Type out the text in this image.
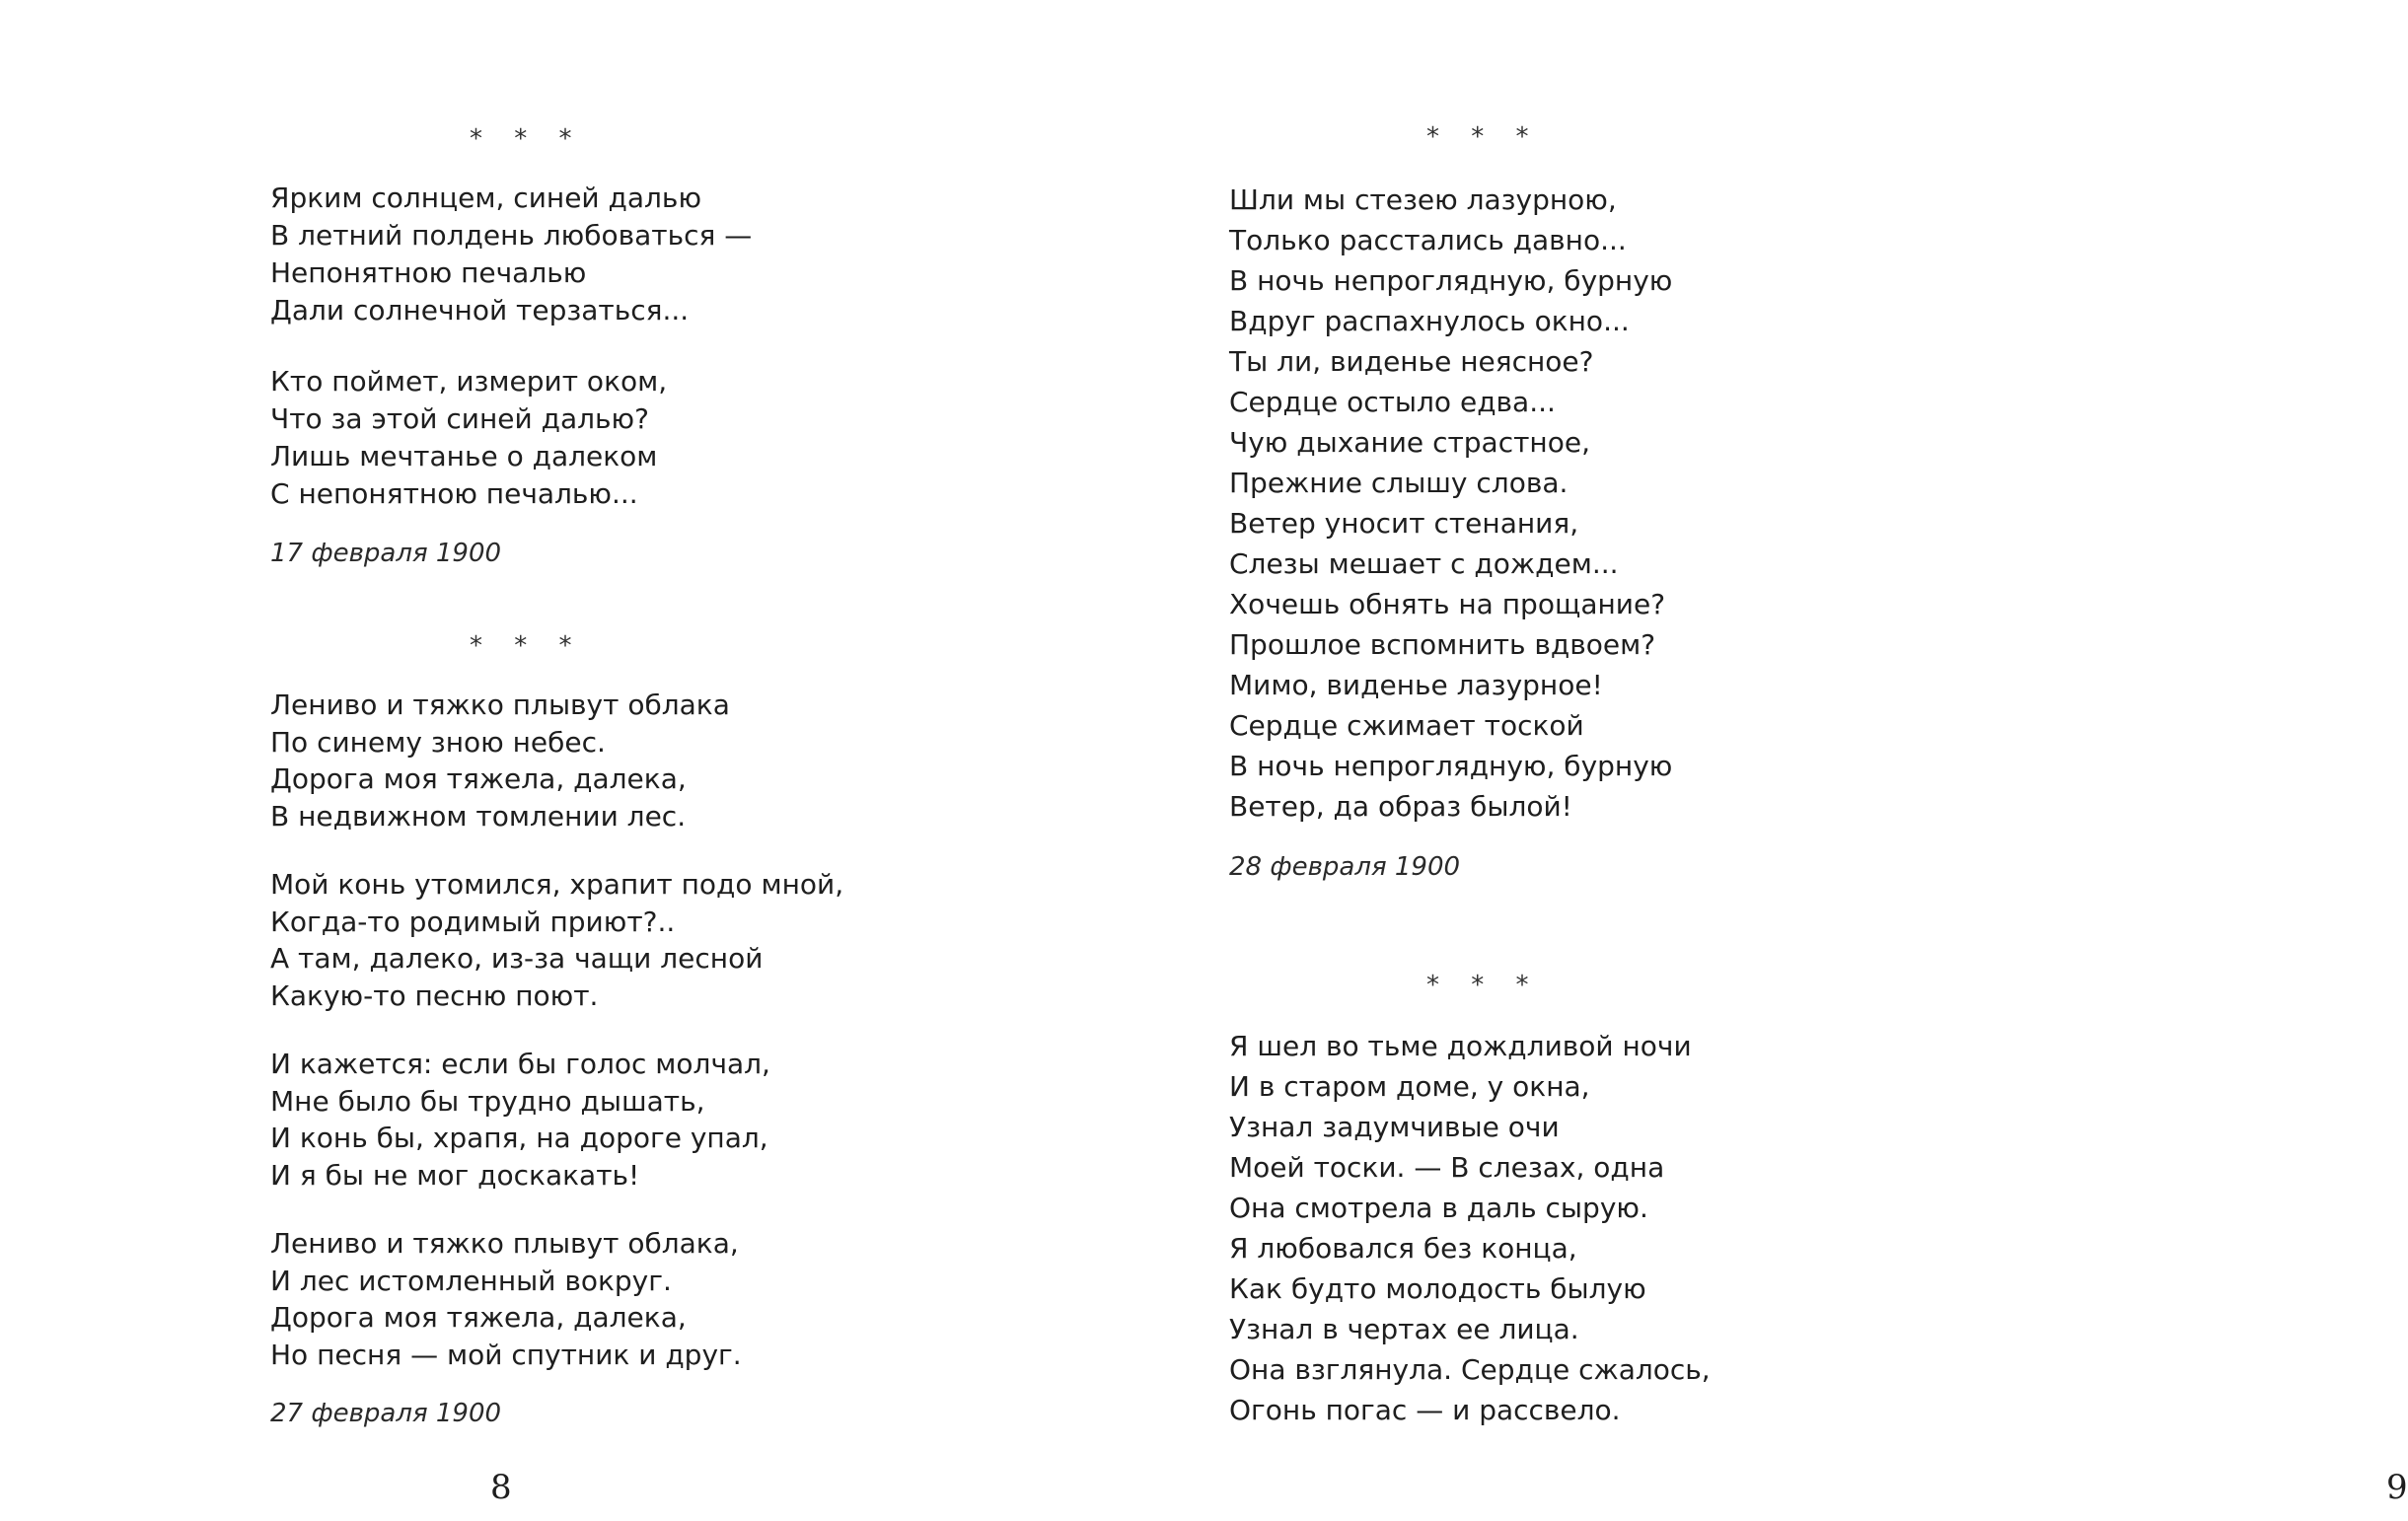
* * *
Ярким солнцем, синей далью
В летний полдень любоваться —
Непонятною печалью
Дали солнечной терзаться...
Кто поймет, измерит оком,
Что за этой синей далью?
Лишь мечтанье о далеком
С непонятною печалью...
17 февраля 1900
* * *
Лениво и тяжко плывут облака
По синему зною небес.
Дорога моя тяжела, далека,
В недвижном томлении лес.
Мой конь утомился, храпит подо мной,
Когда-то родимый приют?..
А там, далеко, из-за чащи лесной
Какую-то песню поют.
И кажется: если бы голос молчал,
Мне было бы трудно дышать,
И конь бы, храпя, на дороге упал,
И я бы не мог доскакать!
Лениво и тяжко плывут облака,
И лес истомленный вокруг.
Дорога моя тяжела, далека,
Но песня — мой спутник и друг.
27 февраля 1900
8
* * *
Шли мы стезею лазурною,
Только расстались давно...
В ночь непроглядную, бурную
Вдруг распахнулось окно...
Ты ли, виденье неясное?
Сердце остыло едва...
Чую дыхание страстное,
Прежние слышу слова.
Ветер уносит стенания,
Слезы мешает с дождем...
Хочешь обнять на прощание?
Прошлое вспомнить вдвоем?
Мимо, виденье лазурное!
Сердце сжимает тоской
В ночь непроглядную, бурную
Ветер, да образ былой!
28 февраля 1900
* * *
Я шел во тьме дождливой ночи
И в старом доме, у окна,
Узнал задумчивые очи
Моей тоски. — В слезах, одна
Она смотрела в даль сырую.
Я любовался без конца,
Как будто молодость былую
Узнал в чертах ее лица.
Она взглянула. Сердце сжалось,
Огонь погас — и рассвело.
9
